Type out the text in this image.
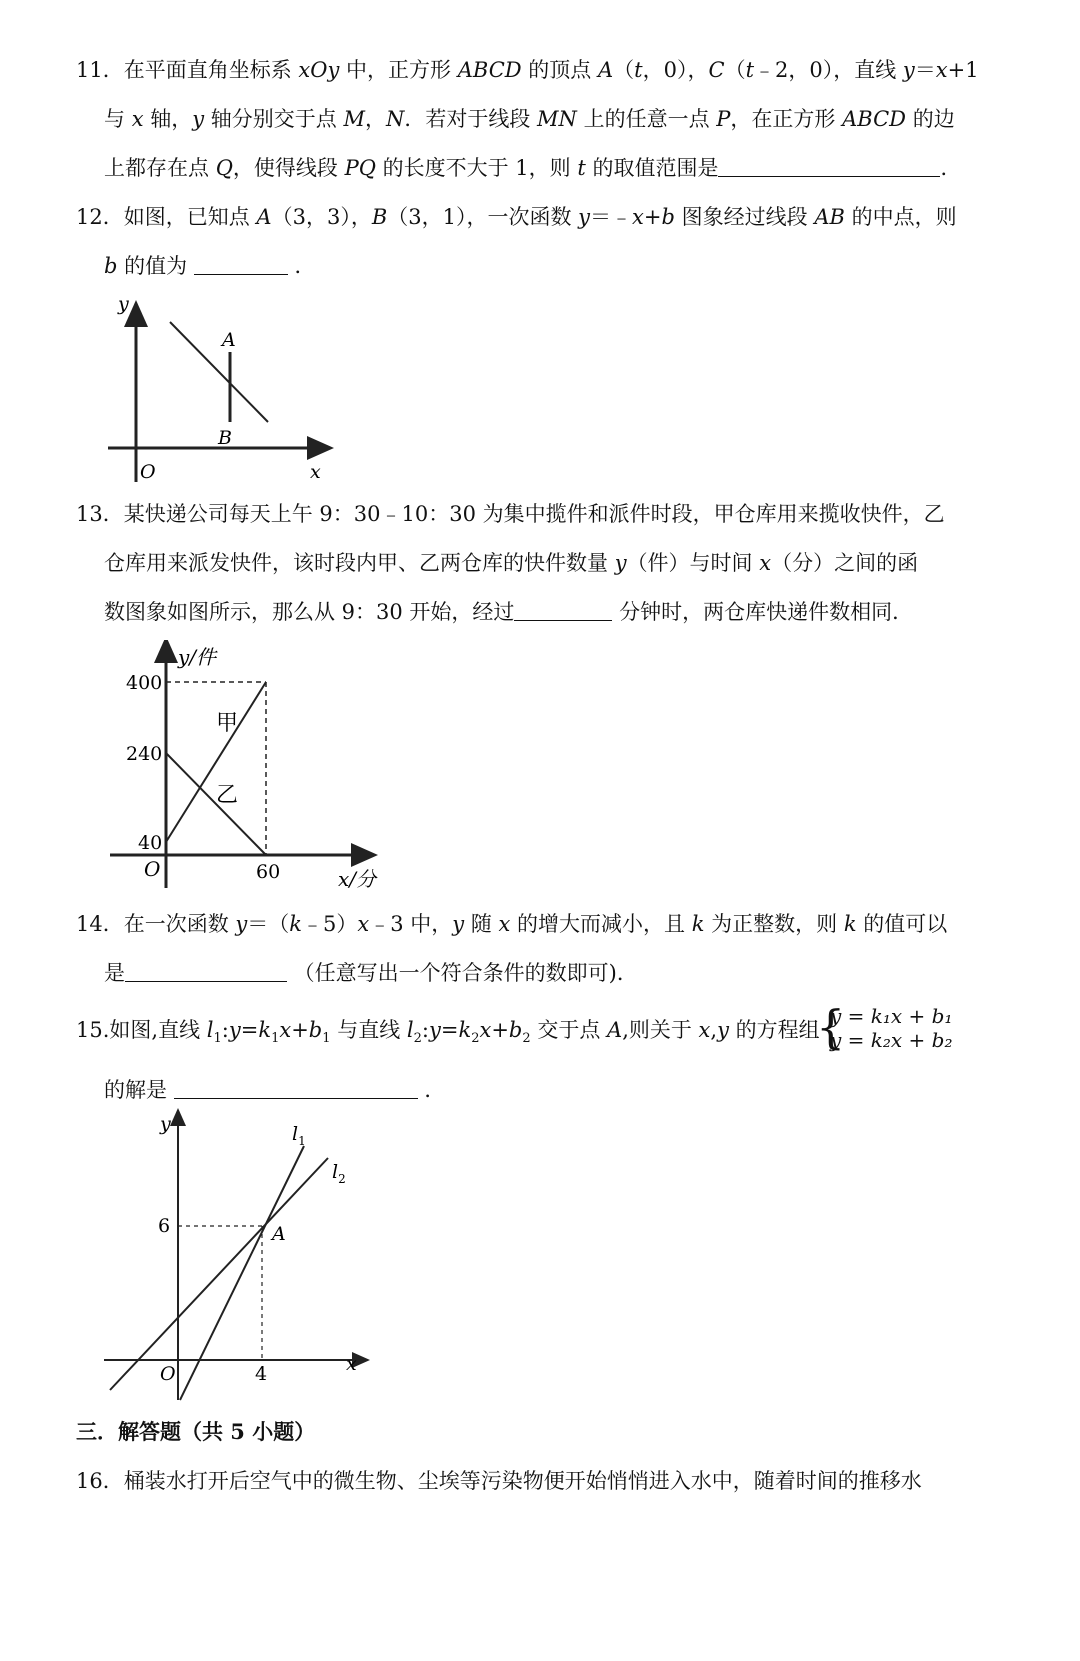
11．在平面直角坐标系 xOy 中，正方形 ABCD 的顶点 A（t，0），C（t﹣2，0），直线 y＝x+1
与 x 轴，y 轴分别交于点 M，N．若对于线段 MN 上的任意一点 P，在正方形 ABCD 的边
上都存在点 Q，使得线段 PQ 的长度不大于 1，则 t 的取值范围是	．
12．如图，已知点 A（3，3），B（3，1），一次函数 y＝﹣x+b 图象经过线段 AB 的中点，则
b 的值为	．
y
x
O
A
B
13．某快递公司每天上午 9：30﹣10：30 为集中揽件和派件时段，甲仓库用来揽收快件，乙
仓库用来派发快件，该时段内甲、乙两仓库的快件数量 y（件）与时间 x（分）之间的函
数图象如图所示，那么从 9：30 开始，经过	分钟时，两仓库快递件数相同．
y/件
x/分
O
400
240
40
60
甲
乙
14．在一次函数 y＝（k﹣5）x﹣3 中，y 随 x 的增大而减小，且 k 为正整数，则 k 的值可以
是	（任意写出一个符合条件的数即可)．
15.如图,直线 $l_1:y=k_1x+b_1$ 与直线 $l_2:y=k_2x+b_2$ 交于点 A,则关于 x,y 的方程组
{
y = k₁x + b₁
y = k₂x + b₂
的解是	．
y
x
O
6
4
A
$l_1$
$l_2$
三．解答题（共 5 小题）
16．桶装水打开后空气中的微生物、尘埃等污染物便开始悄悄进入水中，随着时间的推移水
